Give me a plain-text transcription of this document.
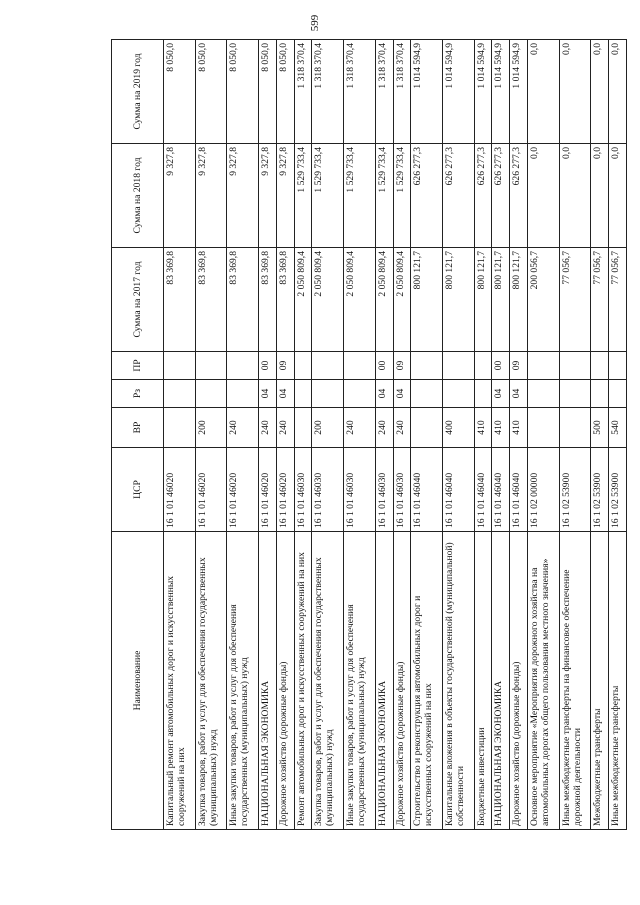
599
Наименование	ЦСР	ВР	Рз	ПР	Сумма на 2017 год	Сумма на 2018 год	Сумма на 2019 год
Капитальный ремонт автомобильных дорог и искусственных сооружений на них	16 1 01 46020				83 369,8	9 327,8	8 050,0
Закупка товаров, работ и услуг для обеспечения государственных (муниципальных) нужд	16 1 01 46020	200			83 369,8	9 327,8	8 050,0
Иные закупки товаров, работ и услуг для обеспечения государственных (муниципальных) нужд	16 1 01 46020	240			83 369,8	9 327,8	8 050,0
НАЦИОНАЛЬНАЯ ЭКОНОМИКА	16 1 01 46020	240	04	00	83 369,8	9 327,8	8 050,0
Дорожное хозяйство (дорожные фонды)	16 1 01 46020	240	04	09	83 369,8	9 327,8	8 050,0
Ремонт автомобильных дорог и искусственных сооружений на них	16 1 01 46030				2 050 809,4	1 529 733,4	1 318 370,4
Закупка товаров, работ и услуг для обеспечения государственных (муниципальных) нужд	16 1 01 46030	200			2 050 809,4	1 529 733,4	1 318 370,4
Иные закупки товаров, работ и услуг для обеспечения государственных (муниципальных) нужд	16 1 01 46030	240			2 050 809,4	1 529 733,4	1 318 370,4
НАЦИОНАЛЬНАЯ ЭКОНОМИКА	16 1 01 46030	240	04	00	2 050 809,4	1 529 733,4	1 318 370,4
Дорожное хозяйство (дорожные фонды)	16 1 01 46030	240	04	09	2 050 809,4	1 529 733,4	1 318 370,4
Строительство и реконструкция автомобильных дорог и искусственных сооружений на них	16 1 01 46040				800 121,7	626 277,3	1 014 594,9
Капитальные вложения в объекты государственной (муниципальной) собственности	16 1 01 46040	400			800 121,7	626 277,3	1 014 594,9
Бюджетные инвестиции	16 1 01 46040	410			800 121,7	626 277,3	1 014 594,9
НАЦИОНАЛЬНАЯ ЭКОНОМИКА	16 1 01 46040	410	04	00	800 121,7	626 277,3	1 014 594,9
Дорожное хозяйство (дорожные фонды)	16 1 01 46040	410	04	09	800 121,7	626 277,3	1 014 594,9
Основное мероприятие «Мероприятия дорожного хозяйства на автомобильных дорогах общего пользования местного значения»	16 1 02 00000				200 056,7	0,0	0,0
Иные межбюджетные трансферты на финансовое обеспечение дорожной деятельности	16 1 02 53900				77 056,7	0,0	0,0
Межбюджетные трансферты	16 1 02 53900	500			77 056,7	0,0	0,0
Иные межбюджетные трансферты	16 1 02 53900	540			77 056,7	0,0	0,0
